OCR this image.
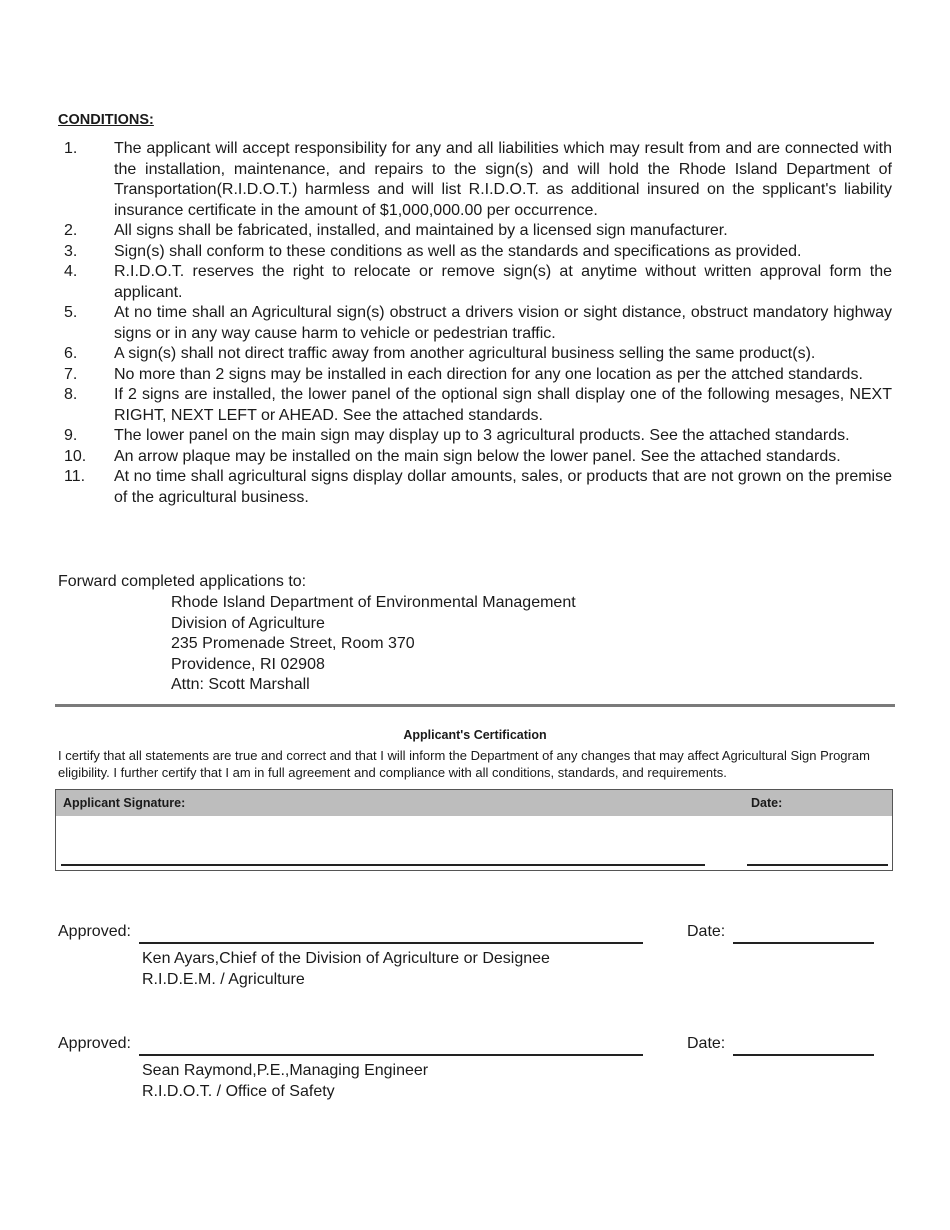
CONDITIONS:
1.	The applicant will accept responsibility for any and all liabilities which may result from and are connected with the installation, maintenance, and repairs to the sign(s) and will hold the Rhode Island Department of Transportation(R.I.D.O.T.) harmless and will list R.I.D.O.T. as additional insured on the spplicant's liability insurance certificate in the amount of $1,000,000.00 per occurrence.
2.	All signs shall be fabricated, installed, and maintained by a licensed sign manufacturer.
3.	Sign(s) shall conform to these conditions as well as the standards and specifications as provided.
4.	R.I.D.O.T. reserves the right to relocate or remove sign(s) at anytime without written approval form the applicant.
5.	At no time shall an Agricultural sign(s) obstruct a drivers vision or sight distance, obstruct mandatory highway signs or in any way cause harm to vehicle or pedestrian traffic.
6.	A sign(s) shall not direct traffic away from another agricultural business selling the same product(s).
7.	No more than 2 signs may be installed in each direction for any one location as per the attched standards.
8.	If 2 signs are installed, the lower panel of the optional sign shall display one of the following mesages, NEXT RIGHT, NEXT LEFT or AHEAD. See the attached standards.
9.	The lower panel on the main sign may display up to 3 agricultural products. See the attached standards.
10.	An arrow plaque may be installed on the main sign below the lower panel. See the attached standards.
11.	At no time shall agricultural signs display dollar amounts, sales, or products that are not grown on the premise of the agricultural business.
Forward completed applications to:
Rhode Island Department of Environmental Management
Division of Agriculture
235 Promenade Street, Room 370
Providence, RI 02908
Attn: Scott Marshall
Applicant's Certification
I certify that all statements are true and correct and that I will inform the Department of any changes that may affect Agricultural Sign Program eligibility. I further certify that I am in full agreement and compliance with all conditions, standards, and requirements.
Applicant Signature:	Date:
Approved:	Date:
Ken Ayars,Chief of the Division of Agriculture or Designee
R.I.D.E.M. / Agriculture
Approved:	Date:
Sean Raymond,P.E.,Managing Engineer
R.I.D.O.T. / Office of Safety
